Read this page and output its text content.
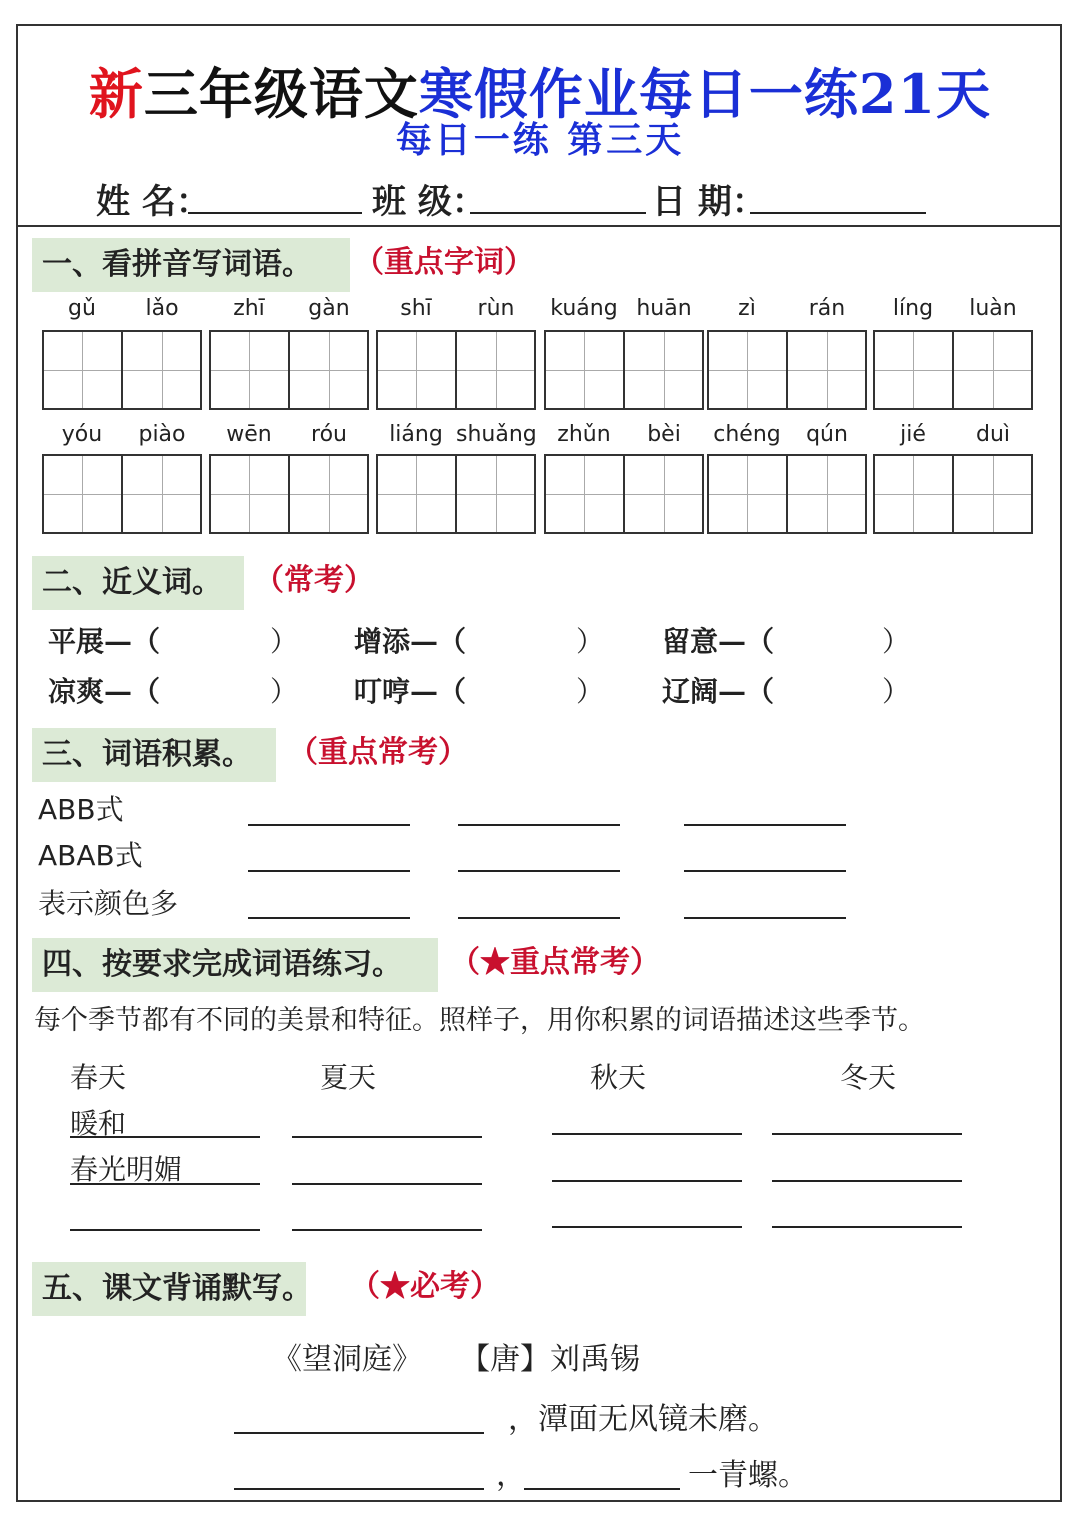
新三年级语文寒假作业每日一练21天
每日一练 第三天
姓 名：	班 级：	日 期：
一、看拼音写词语。	（重点字词）
gǔ	lǎo	zhī	gàn	shī	rùn	kuáng huān	zì	rán	líng	luàn
yóu	piào	wēn	róu	liáng shuǎng zhǔn	bèi	chéng	qún	jié	duì
二、近义词。	（常考）
平展—（	） 增添—（	） 留意—（	）
凉爽—（	） 叮哼—（	） 辽阔—（	）
三、词语积累。	（重点常考）
ABB式
ABAB式
表示颜色多
四、按要求完成词语练习。	（★重点常考）
每个季节都有不同的美景和特征。照样子，用你积累的词语描述这些季节。
春天	夏天	秋天	冬天
暖和
春光明媚
五、课文背诵默写。 （★必考）
《望洞庭》 【唐】刘禹锡
，潭面无风镜未磨。
，	一青螺。
